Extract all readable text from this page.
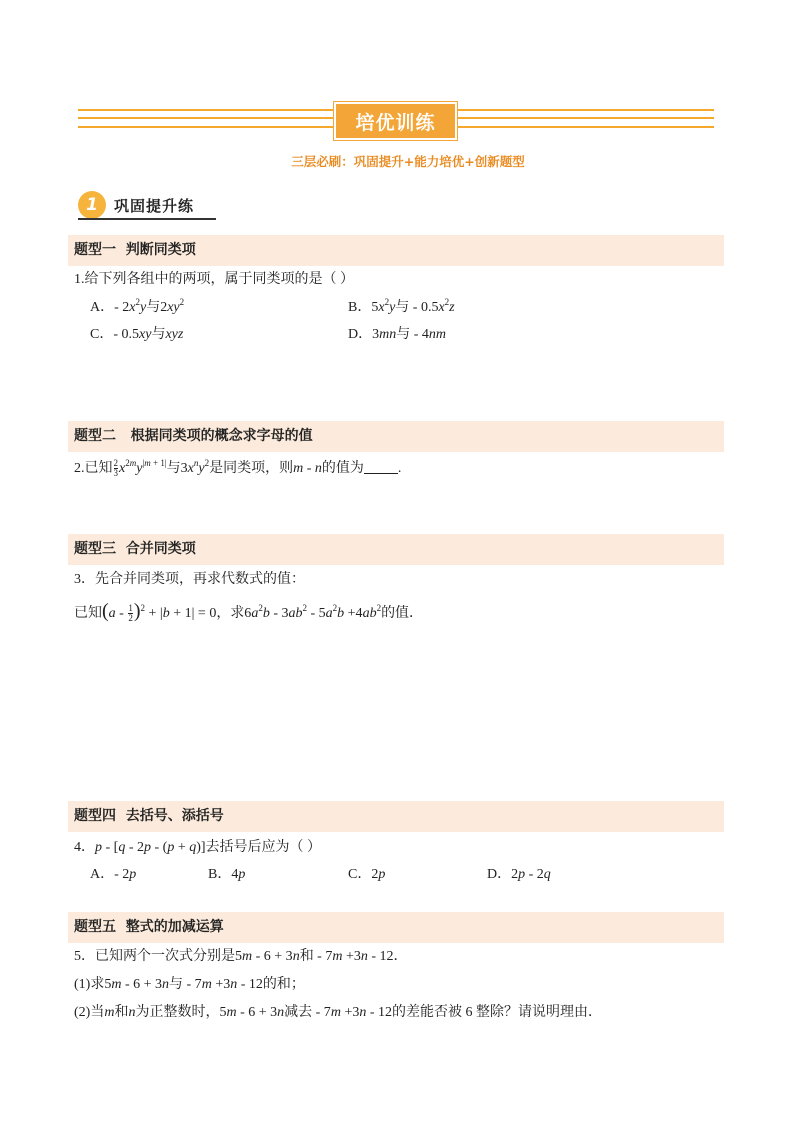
培优训练
三层必刷：巩固提升+能力培优+创新题型
1	巩固提升练
题型一  判断同类项
1.给下列各组中的两项，属于同类项的是（ ）
A．- $2x^2y$与$2xy^2$	B．$5x^2y$与 - $0.5x^2z$
C．- 0.5xy与xyz	D．3mn与 - 4nm
题型二   根据同类项的概念求字母的值
2.已知 $\frac{2}{3} x^{2m}y^{|m + 1|}$与$3x^ny^2$是同类项，则m - n的值为 .
题型三  合并同类项
3．先合并同类项，再求代数式的值：
已知$(a - \frac{1}{2} )^2 + |b + 1| = 0$，求$6a^2b - 3ab^2 - 5a^2b +4ab^2$的值．
题型四  去括号、添括号
4．p - [q - 2p - (p + q)]去括号后应为（ ）
A．- 2p	B．4p	C．2p	D．2p - 2q
题型五  整式的加减运算
5．已知两个一次式分别是5m - 6 + 3n和 - 7m +3n - 12．
(1)求5m - 6 + 3n与 - 7m +3n - 12的和；
(2)当m和n为正整数时，5m - 6 + 3n减去 - 7m +3n - 12的差能否被 6 整除？请说明理由．
